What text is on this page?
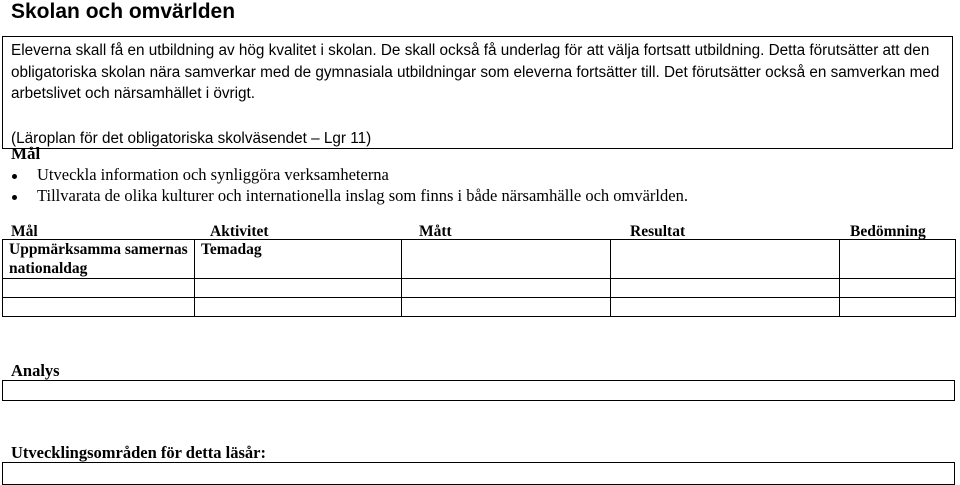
Skolan och omvärlden

Eleverna skall få en utbildning av hög kvalitet i skolan. De skall också få underlag för att välja fortsatt utbildning. Detta förutsätter att den obligatoriska skolan nära samverkar med de gymnasiala utbildningar som eleverna fortsätter till. Det förutsätter också en samverkan med arbetslivet och närsamhället i övrigt.

(Läroplan för det obligatoriska skolväsendet – Lgr 11)

Mål
Utveckla information och synliggöra verksamheterna
Tillvarata de olika kulturer och internationella inslag som finns i både närsamhälle och omvärlden.
Mål	Aktivitet	Mått	Resultat	Bedömning
Uppmärksamma samernas nationaldag	Temadag			

Analys
Utvecklingsområden för detta läsår:
